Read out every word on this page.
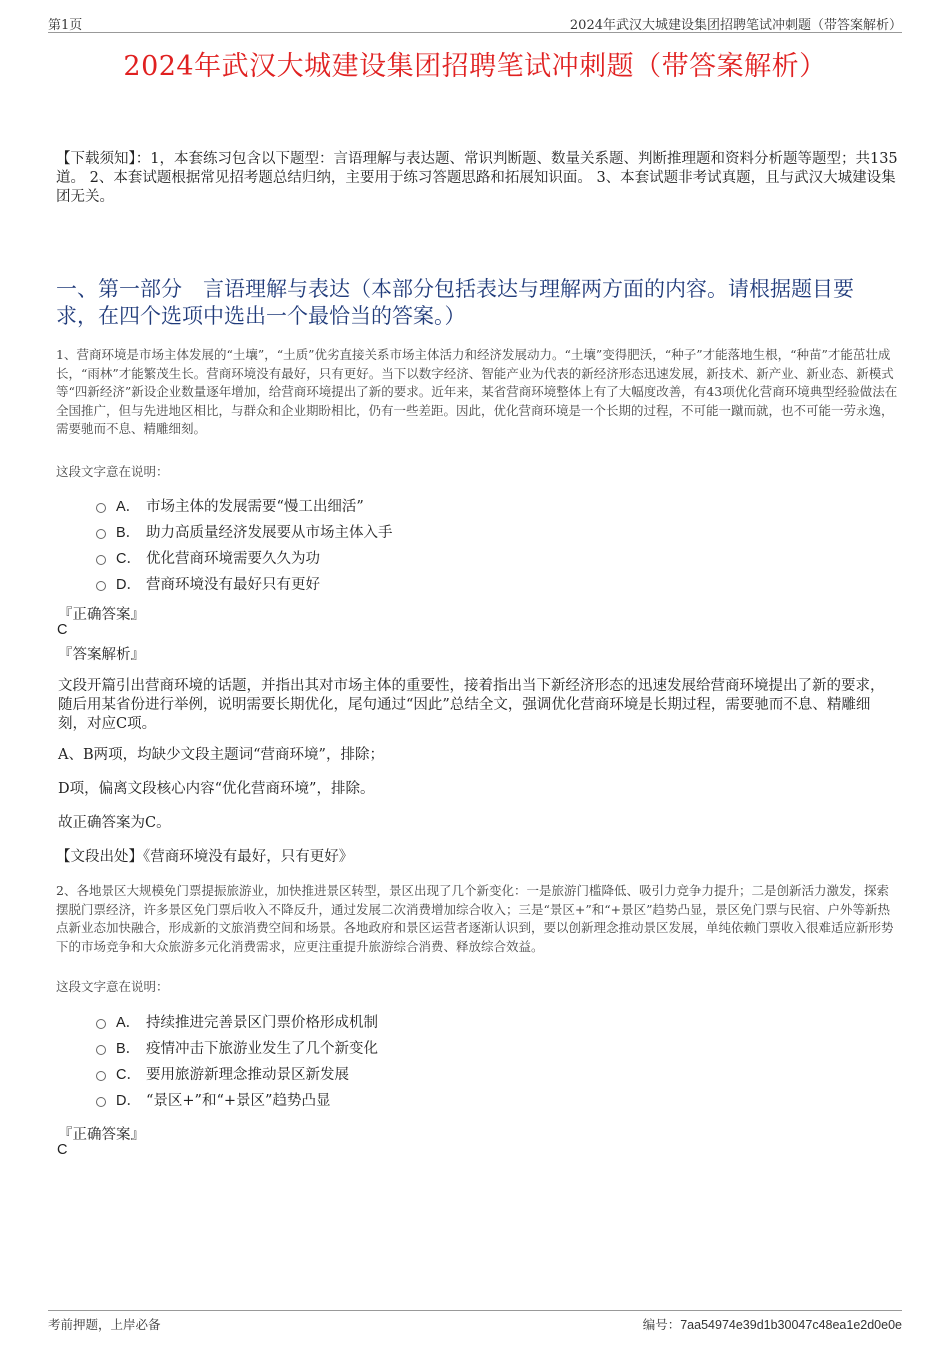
第1页	2024年武汉大城建设集团招聘笔试冲刺题（带答案解析）
2024年武汉大城建设集团招聘笔试冲刺题（带答案解析）
【下载须知】：1，本套练习包含以下题型：言语理解与表达题、常识判断题、数量关系题、判断推理题和资料分析题等题型；共135道。 2、本套试题根据常见招考题总结归纳，主要用于练习答题思路和拓展知识面。 3、本套试题非考试真题，且与武汉大城建设集团无关。
一、第一部分　言语理解与表达（本部分包括表达与理解两方面的内容。请根据题目要求，在四个选项中选出一个最恰当的答案。）
1、营商环境是市场主体发展的“土壤”，“土质”优劣直接关系市场主体活力和经济发展动力。“土壤”变得肥沃，“种子”才能落地生根，“种苗”才能茁壮成长，“雨林”才能繁茂生长。营商环境没有最好，只有更好。当下以数字经济、智能产业为代表的新经济形态迅速发展，新技术、新产业、新业态、新模式等“四新经济”新设企业数量逐年增加，给营商环境提出了新的要求。近年来，某省营商环境整体上有了大幅度改善，有43项优化营商环境典型经验做法在全国推广，但与先进地区相比，与群众和企业期盼相比，仍有一些差距。因此，优化营商环境是一个长期的过程，不可能一蹴而就，也不可能一劳永逸，需要驰而不息、精雕细刻。
这段文字意在说明：
A． 市场主体的发展需要“慢工出细活”
B． 助力高质量经济发展要从市场主体入手
C． 优化营商环境需要久久为功
D． 营商环境没有最好只有更好
『正确答案』
C
『答案解析』
文段开篇引出营商环境的话题，并指出其对市场主体的重要性，接着指出当下新经济形态的迅速发展给营商环境提出了新的要求，随后用某省份进行举例，说明需要长期优化，尾句通过“因此”总结全文，强调优化营商环境是长期过程，需要驰而不息、精雕细刻，对应C项。
A、B两项，均缺少文段主题词“营商环境”，排除；
D项，偏离文段核心内容“优化营商环境”，排除。
故正确答案为C。
【文段出处】《营商环境没有最好，只有更好》
2、各地景区大规模免门票提振旅游业，加快推进景区转型，景区出现了几个新变化：一是旅游门槛降低、吸引力竞争力提升；二是创新活力激发，探索摆脱门票经济，许多景区免门票后收入不降反升，通过发展二次消费增加综合收入；三是“景区+”和“+景区”趋势凸显，景区免门票与民宿、户外等新热点新业态加快融合，形成新的文旅消费空间和场景。各地政府和景区运营者逐渐认识到，要以创新理念推动景区发展，单纯依赖门票收入很难适应新形势下的市场竞争和大众旅游多元化消费需求，应更注重提升旅游综合消费、释放综合效益。
这段文字意在说明：
A． 持续推进完善景区门票价格形成机制
B． 疫情冲击下旅游业发生了几个新变化
C． 要用旅游新理念推动景区新发展
D． “景区+”和“+景区”趋势凸显
『正确答案』
C
考前押题，上岸必备	编号：7aa54974e39d1b30047c48ea1e2d0e0e
